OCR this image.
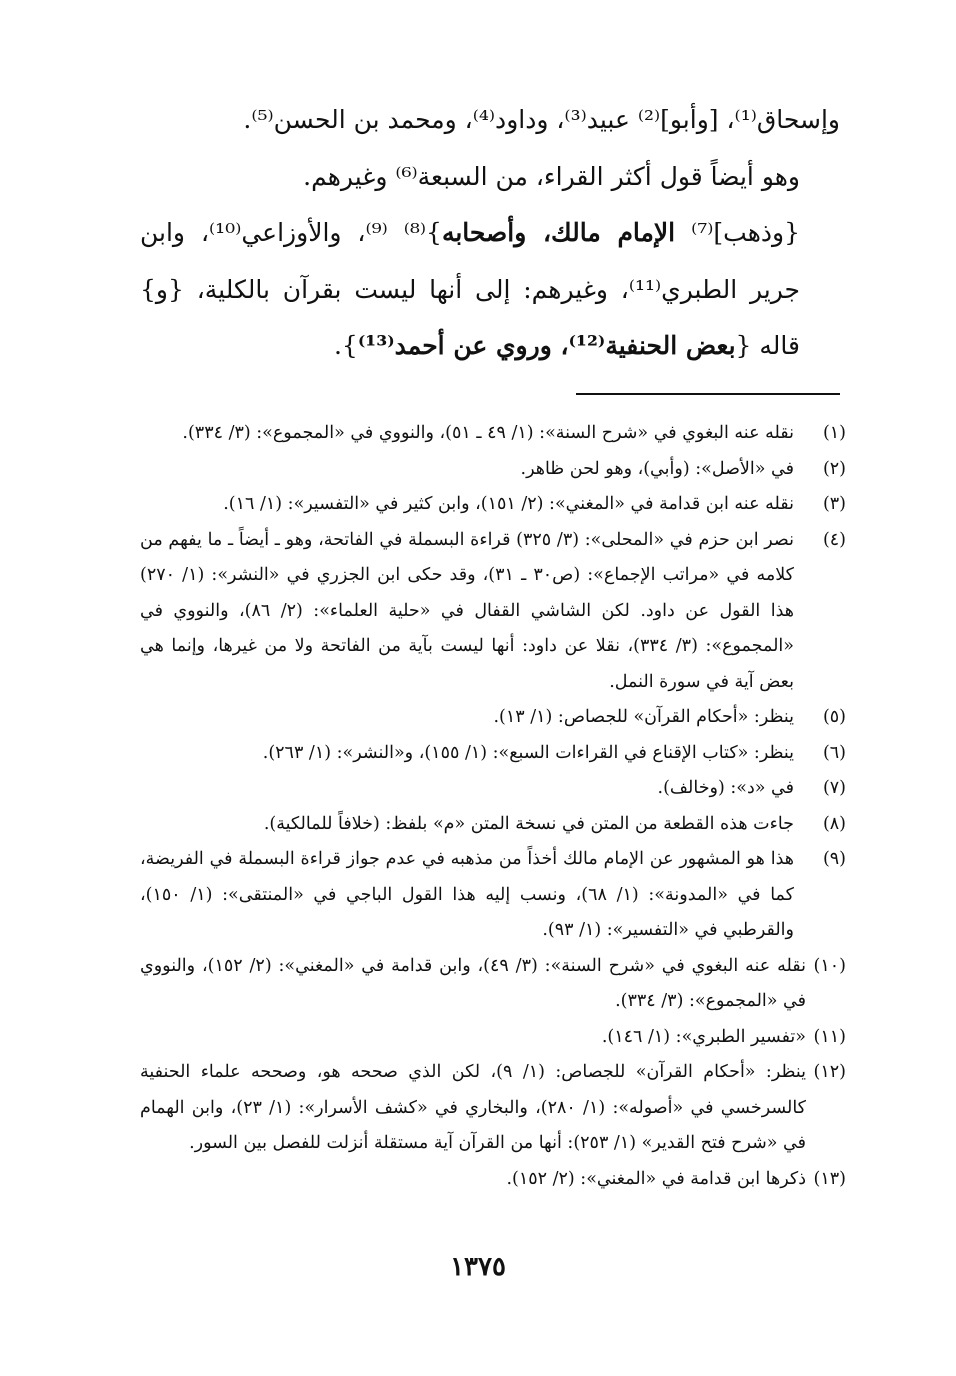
وإسحاق⁽¹⁾، [وأبو]⁽²⁾ عبيد⁽³⁾، وداود⁽⁴⁾، ومحمد بن الحسن⁽⁵⁾.

وهو أيضاً قول أكثر القراء، من السبعة⁽⁶⁾ وغيرهم.

{وذهب]⁽⁷⁾ الإمام مالك، وأصحابه}⁽⁸⁾ ⁽⁹⁾، والأوزاعي⁽¹⁰⁾، وابن جرير الطبري⁽¹¹⁾، وغيرهم: إلى أنها ليست بقرآن بالكلية، {و} قاله {بعض الحنفية⁽¹²⁾، وروي عن أحمد⁽¹³⁾}.

(١)
نقله عنه البغوي في «شرح السنة»: (١/ ٤٩ ـ ٥١)، والنووي في «المجموع»: (٣/ ٣٣٤).

(٢)
في «الأصل»: (وأبي)، وهو لحن ظاهر.

(٣)
نقله عنه ابن قدامة في «المغني»: (٢/ ١٥١)، وابن كثير في «التفسير»: (١/ ١٦).

(٤)
نصر ابن حزم في «المحلى»: (٣/ ٣٢٥) قراءة البسملة في الفاتحة، وهو ـ أيضاً ـ ما يفهم من كلامه في «مراتب الإجماع»: (ص٣٠ ـ ٣١)، وقد حكى ابن الجزري في «النشر»: (١/ ٢٧٠) هذا القول عن داود. لكن الشاشي القفال في «حلية العلماء»: (٢/ ٨٦)، والنووي في «المجموع»: (٣/ ٣٣٤)، نقلا عن داود: أنها ليست بآية من الفاتحة ولا من غيرها، وإنما هي بعض آية في سورة النمل.

(٥)
ينظر: «أحكام القرآن» للجصاص: (١/ ١٣).

(٦)
ينظر: «كتاب الإقناع في القراءات السبع»: (١/ ١٥٥)، و«النشر»: (١/ ٢٦٣).

(٧)
في «د»: (وخالف).

(٨)
جاءت هذه القطعة من المتن في نسخة المتن «م» بلفظ: (خلافاً للمالكية).

(٩)
هذا هو المشهور عن الإمام مالك أخذاً من مذهبه في عدم جواز قراءة البسملة في الفريضة، كما في «المدونة»: (١/ ٦٨)، ونسب إليه هذا القول الباجي في «المنتقى»: (١/ ١٥٠)، والقرطبي في «التفسير»: (١/ ٩٣).

(١٠)
نقله عنه البغوي في «شرح السنة»: (٣/ ٤٩)، وابن قدامة في «المغني»: (٢/ ١٥٢)، والنووي في «المجموع»: (٣/ ٣٣٤).

(١١)
«تفسير الطبري»: (١/ ١٤٦).

(١٢)
ينظر: «أحكام القرآن» للجصاص: (١/ ٩)، لكن الذي صححه هو، وصححه علماء الحنفية كالسرخسي في «أصوله»: (١/ ٢٨٠)، والبخاري في «كشف الأسرار»: (١/ ٢٣)، وابن الهمام في «شرح فتح القدير» (١/ ٢٥٣): أنها من القرآن آية مستقلة أنزلت للفصل بين السور.

(١٣)
ذكرها ابن قدامة في «المغني»: (٢/ ١٥٢).

١٣٧٥
